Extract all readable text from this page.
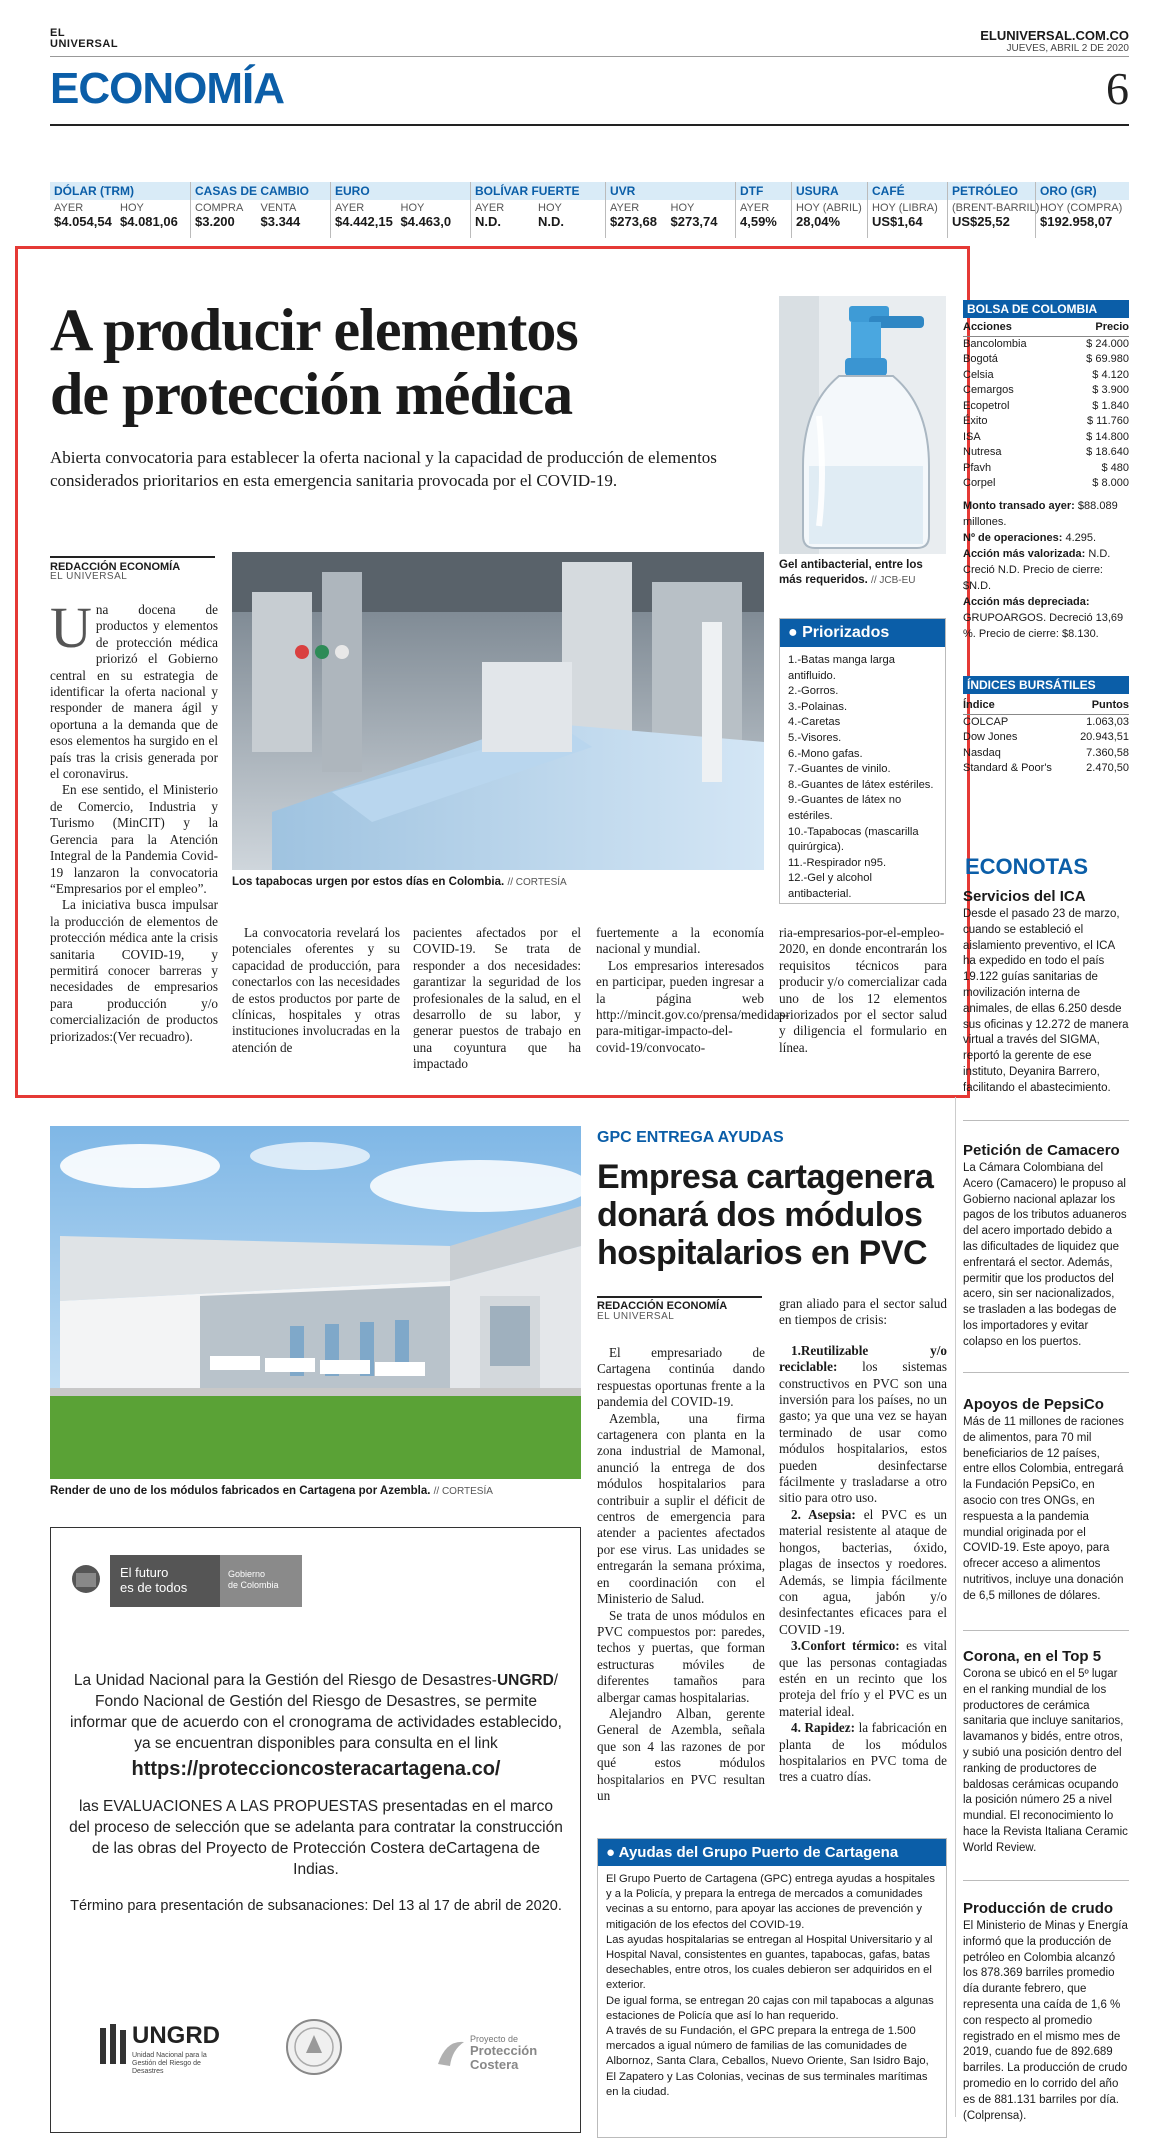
EL
UNIVERSAL
ELUNIVERSAL.COM.CO
JUEVES, ABRIL 2 DE 2020
ECONOMÍA	6
DÓLAR (TRM)
AYER	HOY
$4.054,54 $4.081,06
CASAS DE CAMBIO
COMPRA	VENTA
$3.200	$3.344
EURO
AYER	HOY
$4.442,15 $4.463,0
BOLÍVAR FUERTE
AYER	HOY
N.D.	N.D.
UVR
AYER	HOY
$273,68	$273,74
DTF
AYER
4,59%
USURA
HOY (ABRIL)
28,04%
CAFÉ
HOY (LIBRA)
US$1,64
PETRÓLEO
(BRENT-BARRIL)
US$25,52
ORO (GR)
HOY (COMPRA)
$192.958,07
A producir elementos
de protección médica

Abierta convocatoria para establecer la oferta nacional y la capacidad de producción de elementos considerados prioritarios en esta emergencia sanitaria provocada por el COVID-19.

REDACCIÓN ECONOMÍA
EL UNIVERSAL

Una docena de productos y elementos de protección médica priorizó el Gobierno central en su estrategia de identificar la oferta nacional y responder de manera ágil y oportuna a la demanda que de esos elementos ha surgido en el país tras la crisis generada por el coronavirus.

En ese sentido, el Ministerio de Comercio, Industria y Turismo (MinCIT) y la Gerencia para la Atención Integral de la Pandemia Covid-19 lanzaron la convocatoria “Empresarios por el empleo”.

La iniciativa busca impulsar la producción de elementos de protección médica ante la crisis sanitaria COVID-19, y permitirá conocer barreras y necesidades de empresarios para producción y/o comercialización de productos priorizados:(Ver recuadro).

Los tapabocas urgen por estos días en Colombia. // CORTESÍA
La convocatoria revelará los potenciales oferentes y su capacidad de producción, para conectarlos con las necesidades de estos productos por parte de clínicas, hospitales y otras instituciones involucradas en la atención de
pacientes afectados por el COVID-19. Se trata de responder a dos necesidades: garantizar la seguridad de los profesionales de la salud, en el desarrollo de su labor, y generar puestos de trabajo en una coyuntura que ha impactado

fuertemente a la economía nacional y mundial.

Los empresarios interesados en participar, pueden ingresar a la página web http://mincit.gov.co/prensa/medidas-para-mitigar-impacto-del-covid-19/convocato-

ria-empresarios-por-el-empleo-2020, en donde encontrarán los requisitos técnicos para producir y/o comercializar cada uno de los 12 elementos priorizados por el sector salud y diligencia el formulario en línea.
Gel antibacterial, entre los más requeridos. // JCB-EU
● Priorizados
1.-Batas manga larga antifluido.
2.-Gorros.
3.-Polainas.
4.-Caretas
5.-Visores.
6.-Mono gafas.
7.-Guantes de vinilo.
8.-Guantes de látex estériles.
9.-Guantes de látex no estériles.
10.-Tapabocas (mascarilla quirúrgica).
11.-Respirador n95.
12.-Gel y alcohol antibacterial.
BOLSA DE COLOMBIA
Acciones	Precio
Bancolombia	$ 24.000
Bogotá	$ 69.980
Celsia	$ 4.120
Cemargos	$ 3.900
Ecopetrol	$ 1.840
Éxito	$ 11.760
ISA	$ 14.800
Nutresa	$ 18.640
Pfavh	$ 480
Corpel	$ 8.000
Monto transado ayer: $88.089 millones.
Nº de operaciones: 4.295.
Acción más valorizada: N.D. Creció N.D. Precio de cierre: $N.D.
Acción más depreciada: GRUPOARGOS. Decreció 13,69 %. Precio de cierre: $8.130.
ÍNDICES BURSÁTILES
Índice	Puntos
COLCAP	1.063,03
Dow Jones	20.943,51
Nasdaq	7.360,58
Standard & Poor's	2.470,50
ECONOTAS
Servicios del ICA

Desde el pasado 23 de marzo, cuando se estableció el aislamiento preventivo, el ICA ha expedido en todo el país 19.122 guías sanitarias de movilización interna de animales, de ellas 6.250 desde sus oficinas y 12.272 de manera virtual a través del SIGMA, reportó la gerente de ese instituto, Deyanira Barrero, facilitando el abastecimiento.

Petición de Camacero

La Cámara Colombiana del Acero (Camacero) le propuso al Gobierno nacional aplazar los pagos de los tributos aduaneros del acero importado debido a las dificultades de liquidez que enfrentará el sector. Además, permitir que los productos del acero, sin ser nacionalizados, se trasladen a las bodegas de los importadores y evitar colapso en los puertos.

Apoyos de PepsiCo

Más de 11 millones de raciones de alimentos, para 70 mil beneficiarios de 12 países, entre ellos Colombia, entregará la Fundación PepsiCo, en asocio con tres ONGs, en respuesta a la pandemia mundial originada por el COVID-19. Este apoyo, para ofrecer acceso a alimentos nutritivos, incluye una donación de 6,5 millones de dólares.

Corona, en el Top 5

Corona se ubicó en el 5º lugar en el ranking mundial de los productores de cerámica sanitaria que incluye sanitarios, lavamanos y bidés, entre otros, y subió una posición dentro del ranking de productores de baldosas cerámicas ocupando la posición número 25 a nivel mundial. El reconocimiento lo hace la Revista Italiana Ceramic World Review.

Producción de crudo

El Ministerio de Minas y Energía informó que la producción de petróleo en Colombia alcanzó los 878.369 barriles promedio día durante febrero, que representa una caída de 1,6 % con respecto al promedio registrado en el mismo mes de 2019, cuando fue de 892.689 barriles. La producción de crudo promedio en lo corrido del año es de 881.131 barriles por día. (Colprensa).

Render de uno de los módulos fabricados en Cartagena por Azembla. // CORTESÍA
GPC ENTREGA AYUDAS
Empresa cartagenera donará dos módulos hospitalarios en PVC
REDACCIÓN ECONOMÍA
EL UNIVERSAL

El empresariado de Cartagena continúa dando respuestas oportunas frente a la pandemia del COVID-19.

Azembla, una firma cartagenera con planta en la zona industrial de Mamonal, anunció la entrega de dos módulos hospitalarios para contribuir a suplir el déficit de centros de emergencia para atender a pacientes afectados por ese virus. Las unidades se entregarán la semana próxima, en coordinación con el Ministerio de Salud.

Se trata de unos módulos en PVC compuestos por: paredes, techos y puertas, que forman estructuras móviles de diferentes tamaños para albergar camas hospitalarias.

Alejandro Alban, gerente General de Azembla, señala que son 4 las razones de por qué estos módulos hospitalarios en PVC resultan un

gran aliado para el sector salud en tiempos de crisis:

1.Reutilizable y/o reciclable: los sistemas constructivos en PVC son una inversión para los países, no un gasto; ya que una vez se hayan terminado de usar como módulos hospitalarios, estos pueden desinfectarse fácilmente y trasladarse a otro sitio para otro uso.

2. Asepsia: el PVC es un material resistente al ataque de hongos, bacterias, óxido, plagas de insectos y roedores. Además, se limpia fácilmente con agua, jabón y/o desinfectantes eficaces para el COVID -19.

3.Confort térmico: es vital que las personas contagiadas estén en un recinto que los proteja del frío y el PVC es un material ideal.

4. Rapidez: la fabricación en planta de los módulos hospitalarios en PVC toma de tres a cuatro días.

● Ayudas del Grupo Puerto de Cartagena

El Grupo Puerto de Cartagena (GPC) entrega ayudas a hospitales y a la Policía, y prepara la entrega de mercados a comunidades vecinas a su entorno, para apoyar las acciones de prevención y mitigación de los efectos del COVID-19.

Las ayudas hospitalarias se entregan al Hospital Universitario y al Hospital Naval, consistentes en guantes, tapabocas, gafas, batas desechables, entre otros, los cuales debieron ser adquiridos en el exterior.

De igual forma, se entregan 20 cajas con mil tapabocas a algunas estaciones de Policía que así lo han requerido.

A través de su Fundación, el GPC prepara la entrega de 1.500 mercados a igual número de familias de las comunidades de Albornoz, Santa Clara, Ceballos, Nuevo Oriente, San Isidro Bajo, El Zapatero y Las Colonias, vecinas de sus terminales marítimas en la ciudad.

El futuro
es de todos
Gobierno
de Colombia

La Unidad Nacional para la Gestión del Riesgo de Desastres-UNGRD/ Fondo Nacional de Gestión del Riesgo de Desastres, se permite informar que de acuerdo con el cronograma de actividades establecido, ya se encuentran disponibles para consulta en el link

https://proteccioncosteracartagena.co/

las EVALUACIONES A LAS PROPUESTAS presentadas en el marco del proceso de selección que se adelanta para contratar la construcción de las obras del Proyecto de Protección Costera deCartagena de Indias.

Término para presentación de subsanaciones: Del 13 al 17 de abril de 2020.

UNGRD
Unidad Nacional para la Gestión del Riesgo de Desastres
Proyecto de
Protección
Costera
